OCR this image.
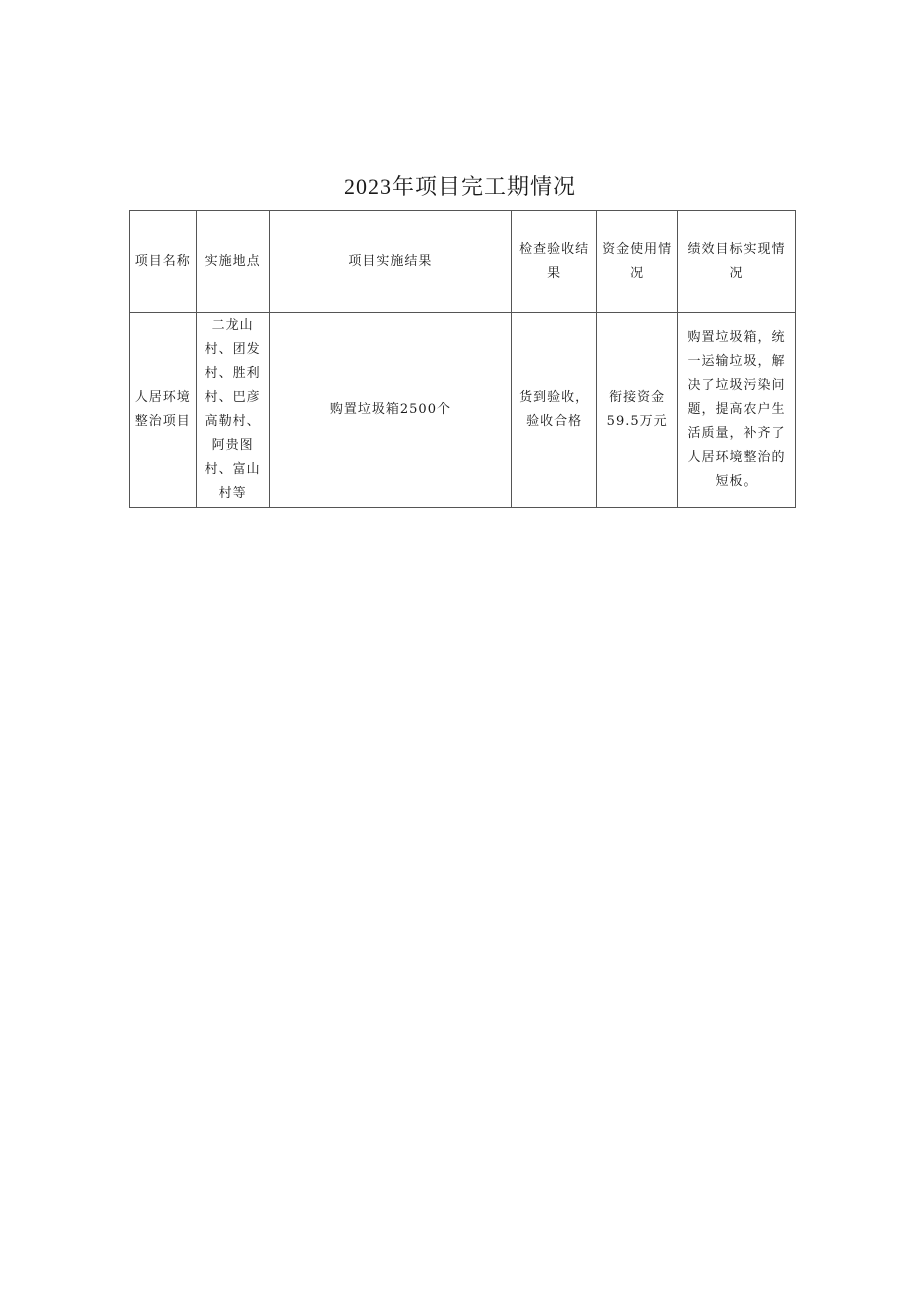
2023年项目完工期情况
项目名称	实施地点	项目实施结果	检查验收结果	资金使用情况	绩效目标实现情况
人居环境整治项目	二龙山村、团发村、胜利村、巴彦高勒村、阿贵图村、富山村等	购置垃圾箱2500个	货到验收，验收合格	衔接资金59.5万元	购置垃圾箱，统一运输垃圾，解决了垃圾污染问题，提高农户生活质量，补齐了人居环境整治的短板。
